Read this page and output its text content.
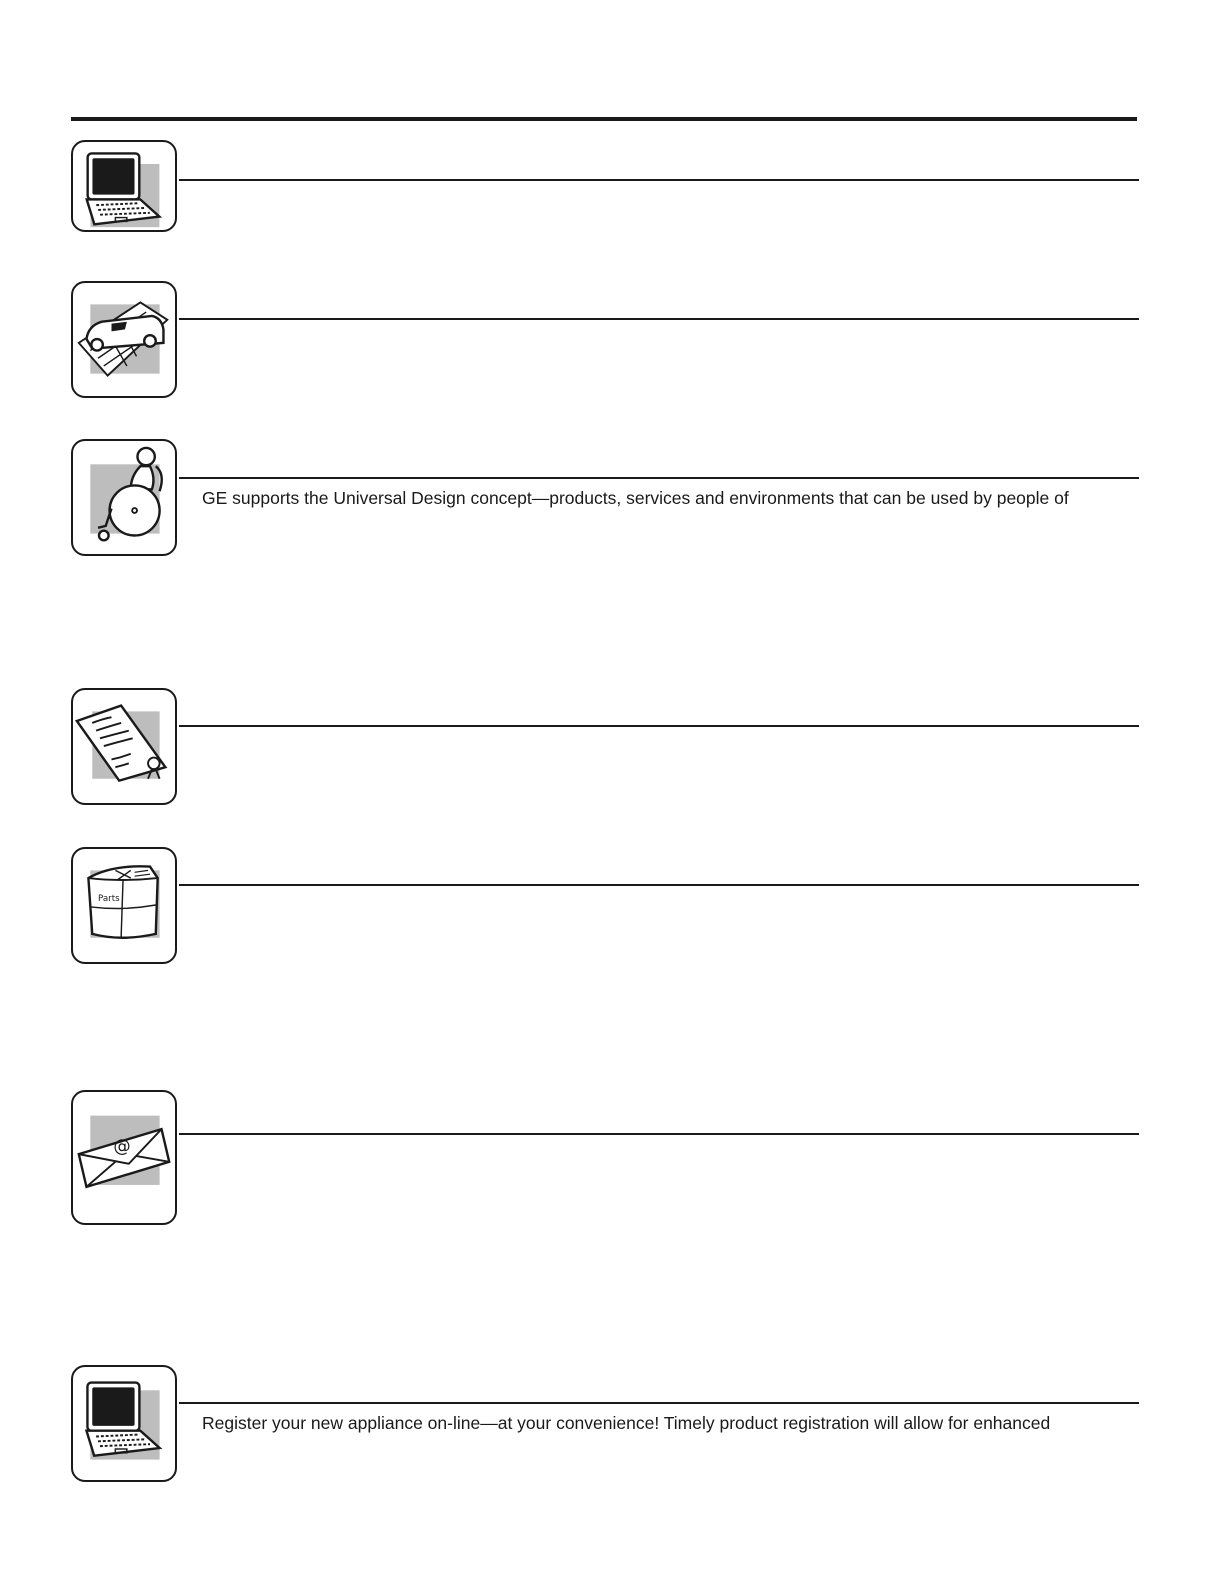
GE supports the Universal Design concept—products, services and environments that can be used by people of
Parts
@
Register your new appliance on-line—at your convenience! Timely product registration will allow for enhanced
